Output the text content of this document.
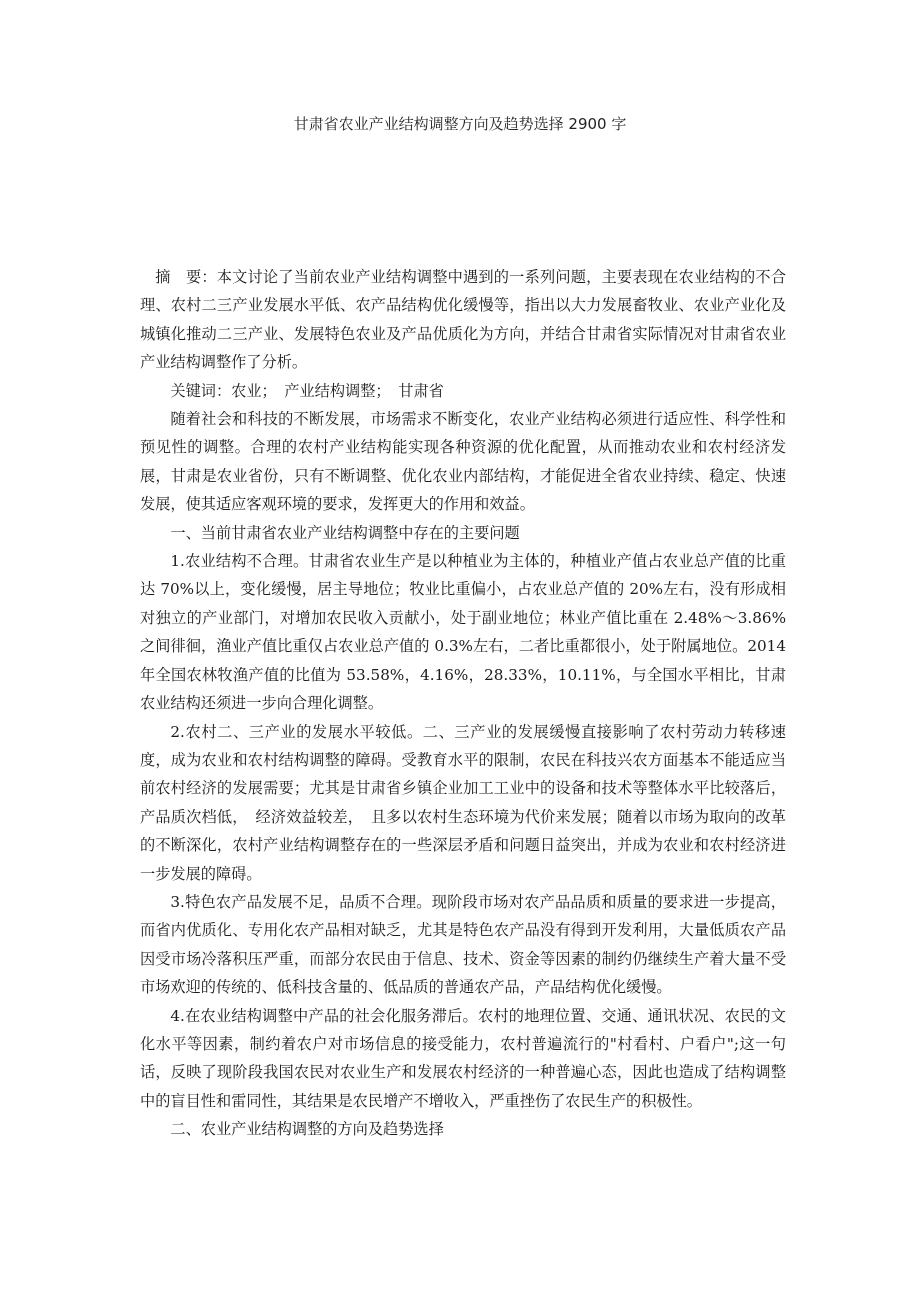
甘肃省农业产业结构调整方向及趋势选择 2900 字

摘　要：本文讨论了当前农业产业结构调整中遇到的一系列问题，主要表现在农业结构的不合理、农村二三产业发展水平低、农产品结构优化缓慢等，指出以大力发展畜牧业、农业产业化及城镇化推动二三产业、发展特色农业及产品优质化为方向，并结合甘肃省实际情况对甘肃省农业产业结构调整作了分析。

关键词：农业；　产业结构调整；　甘肃省

随着社会和科技的不断发展，市场需求不断变化，农业产业结构必须进行适应性、科学性和预见性的调整。合理的农村产业结构能实现各种资源的优化配置，从而推动农业和农村经济发展，甘肃是农业省份，只有不断调整、优化农业内部结构，才能促进全省农业持续、稳定、快速发展，使其适应客观环境的要求，发挥更大的作用和效益。

一、当前甘肃省农业产业结构调整中存在的主要问题

1.农业结构不合理。甘肃省农业生产是以种植业为主体的，种植业产值占农业总产值的比重达 70%以上，变化缓慢，居主导地位；牧业比重偏小，占农业总产值的 20%左右，没有形成相对独立的产业部门，对增加农民收入贡献小，处于副业地位；林业产值比重在 2.48%～3.86%之间徘徊，渔业产值比重仅占农业总产值的 0.3%左右，二者比重都很小，处于附属地位。2014 年全国农林牧渔产值的比值为 53.58%，4.16%，28.33%，10.11%，与全国水平相比，甘肃农业结构还须进一步向合理化调整。

2.农村二、三产业的发展水平较低。二、三产业的发展缓慢直接影响了农村劳动力转移速度，成为农业和农村结构调整的障碍。受教育水平的限制，农民在科技兴农方面基本不能适应当前农村经济的发展需要；尤其是甘肃省乡镇企业加工工业中的设备和技术等整体水平比较落后，产品质次档低，　经济效益较差，　且多以农村生态环境为代价来发展；随着以市场为取向的改革的不断深化，农村产业结构调整存在的一些深层矛盾和问题日益突出，并成为农业和农村经济进一步发展的障碍。

3.特色农产品发展不足，品质不合理。现阶段市场对农产品品质和质量的要求进一步提高，而省内优质化、专用化农产品相对缺乏，尤其是特色农产品没有得到开发利用，大量低质农产品因受市场冷落积压严重，而部分农民由于信息、技术、资金等因素的制约仍继续生产着大量不受市场欢迎的传统的、低科技含量的、低品质的普通农产品，产品结构优化缓慢。

4.在农业结构调整中产品的社会化服务滞后。农村的地理位置、交通、通讯状况、农民的文化水平等因素，制约着农户对市场信息的接受能力，农村普遍流行的"村看村、户看户";这一句话，反映了现阶段我国农民对农业生产和发展农村经济的一种普遍心态，因此也造成了结构调整中的盲目性和雷同性，其结果是农民增产不增收入，严重挫伤了农民生产的积极性。

二、农业产业结构调整的方向及趋势选择
